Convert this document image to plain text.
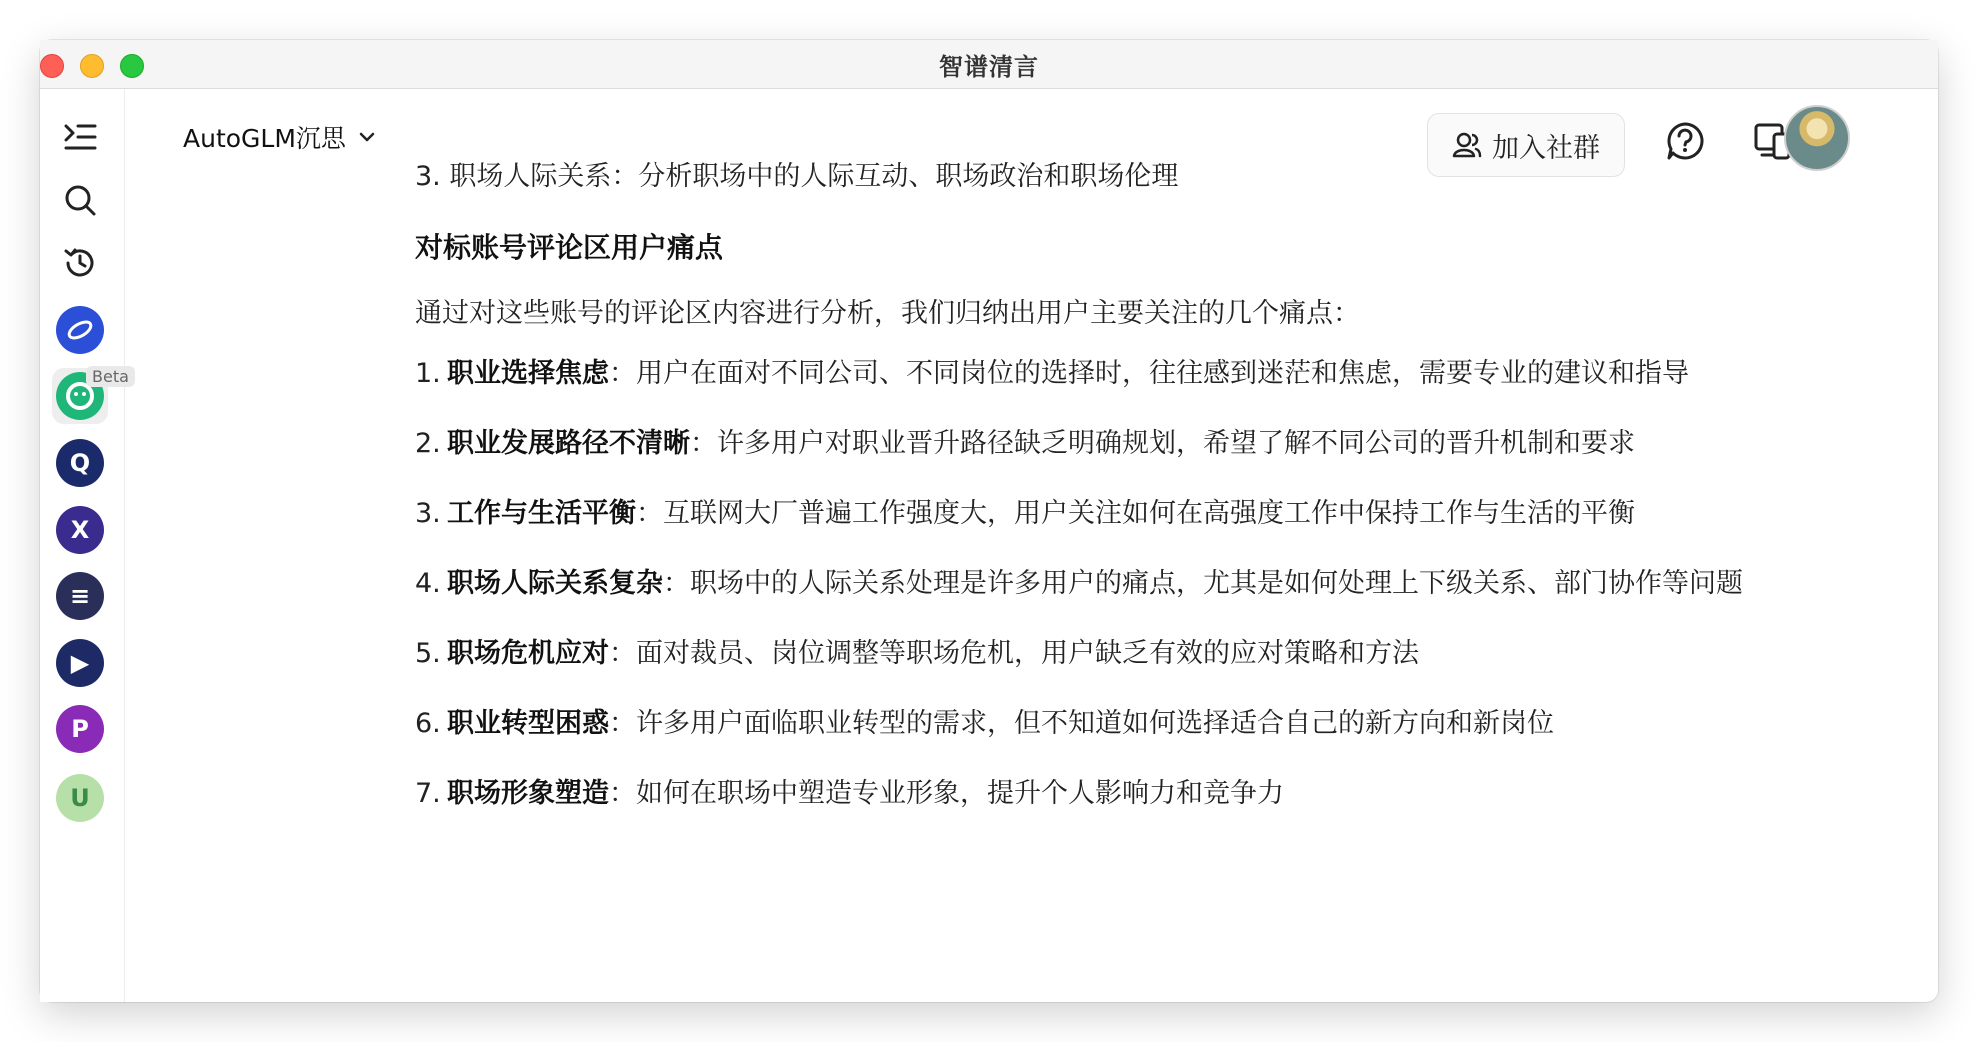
智谱清言
Beta
Q
X
≡
▶
P
U
AutoGLM沉思	加入社群
3. 职场人际关系：分析职场中的人际互动、职场政治和职场伦理
对标账号评论区用户痛点
通过对这些账号的评论区内容进行分析，我们归纳出用户主要关注的几个痛点：
1. 职业选择焦虑：用户在面对不同公司、不同岗位的选择时，往往感到迷茫和焦虑，需要专业的建议和指导
2. 职业发展路径不清晰：许多用户对职业晋升路径缺乏明确规划，希望了解不同公司的晋升机制和要求
3. 工作与生活平衡：互联网大厂普遍工作强度大，用户关注如何在高强度工作中保持工作与生活的平衡
4. 职场人际关系复杂：职场中的人际关系处理是许多用户的痛点，尤其是如何处理上下级关系、部门协作等问题
5. 职场危机应对：面对裁员、岗位调整等职场危机，用户缺乏有效的应对策略和方法
6. 职业转型困惑：许多用户面临职业转型的需求，但不知道如何选择适合自己的新方向和新岗位
7. 职场形象塑造：如何在职场中塑造专业形象，提升个人影响力和竞争力
